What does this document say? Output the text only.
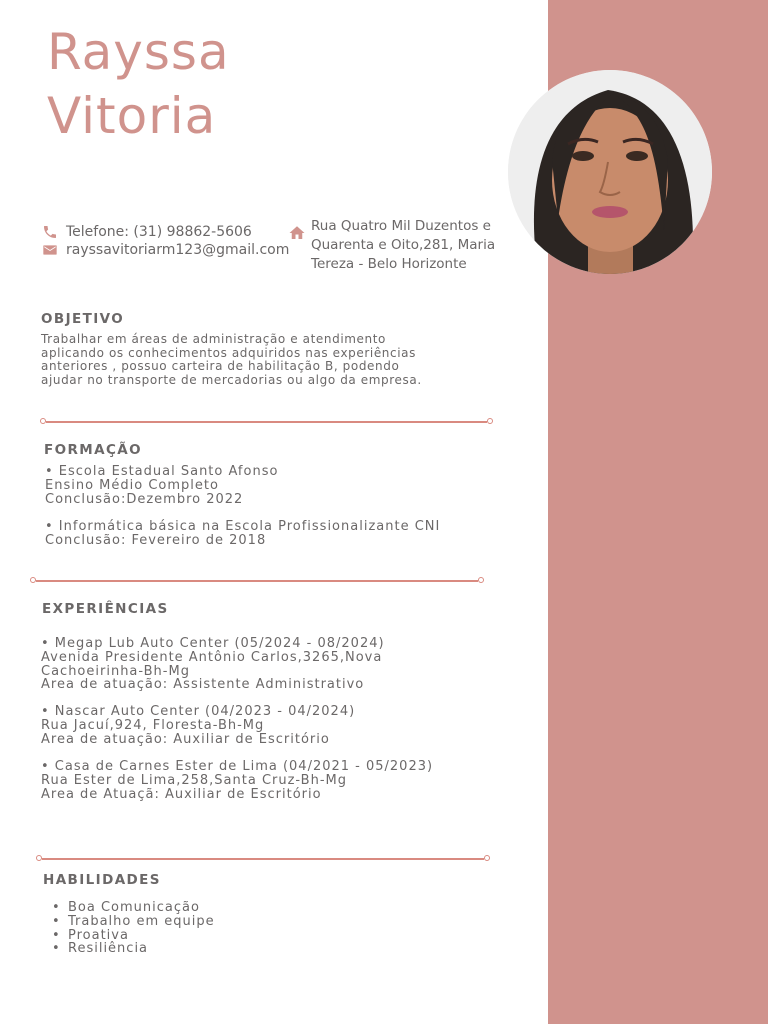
Rayssa
Vitoria
Telefone: (31) 98862-5606
rayssavitoriarm123@gmail.com
Rua Quatro Mil Duzentos e Quarenta e Oito,281, Maria Tereza - Belo Horizonte
OBJETIVO
Trabalhar em áreas de administração e atendimento
aplicando os conhecimentos adquiridos nas experiências
anteriores , possuo carteira de habilitação B, podendo
ajudar no transporte de mercadorias ou algo da empresa.
FORMAÇÃO
• Escola Estadual Santo Afonso
Ensino Médio Completo
Conclusão:Dezembro 2022
• Informática básica na Escola Profissionalizante CNI
Conclusão: Fevereiro de 2018
EXPERIÊNCIAS
• Megap Lub Auto Center (05/2024 - 08/2024)
Avenida Presidente Antônio Carlos,3265,Nova
Cachoeirinha-Bh-Mg
Area de atuação: Assistente Administrativo
• Nascar Auto Center (04/2023 - 04/2024)
Rua Jacuí,924, Floresta-Bh-Mg
Area de atuação: Auxiliar de Escritório
• Casa de Carnes Ester de Lima (04/2021 - 05/2023)
Rua Ester de Lima,258,Santa Cruz-Bh-Mg
Area de Atuaçã: Auxiliar de Escritório
HABILIDADES
• Boa Comunicação
• Trabalho em equipe
• Proativa
• Resiliência
